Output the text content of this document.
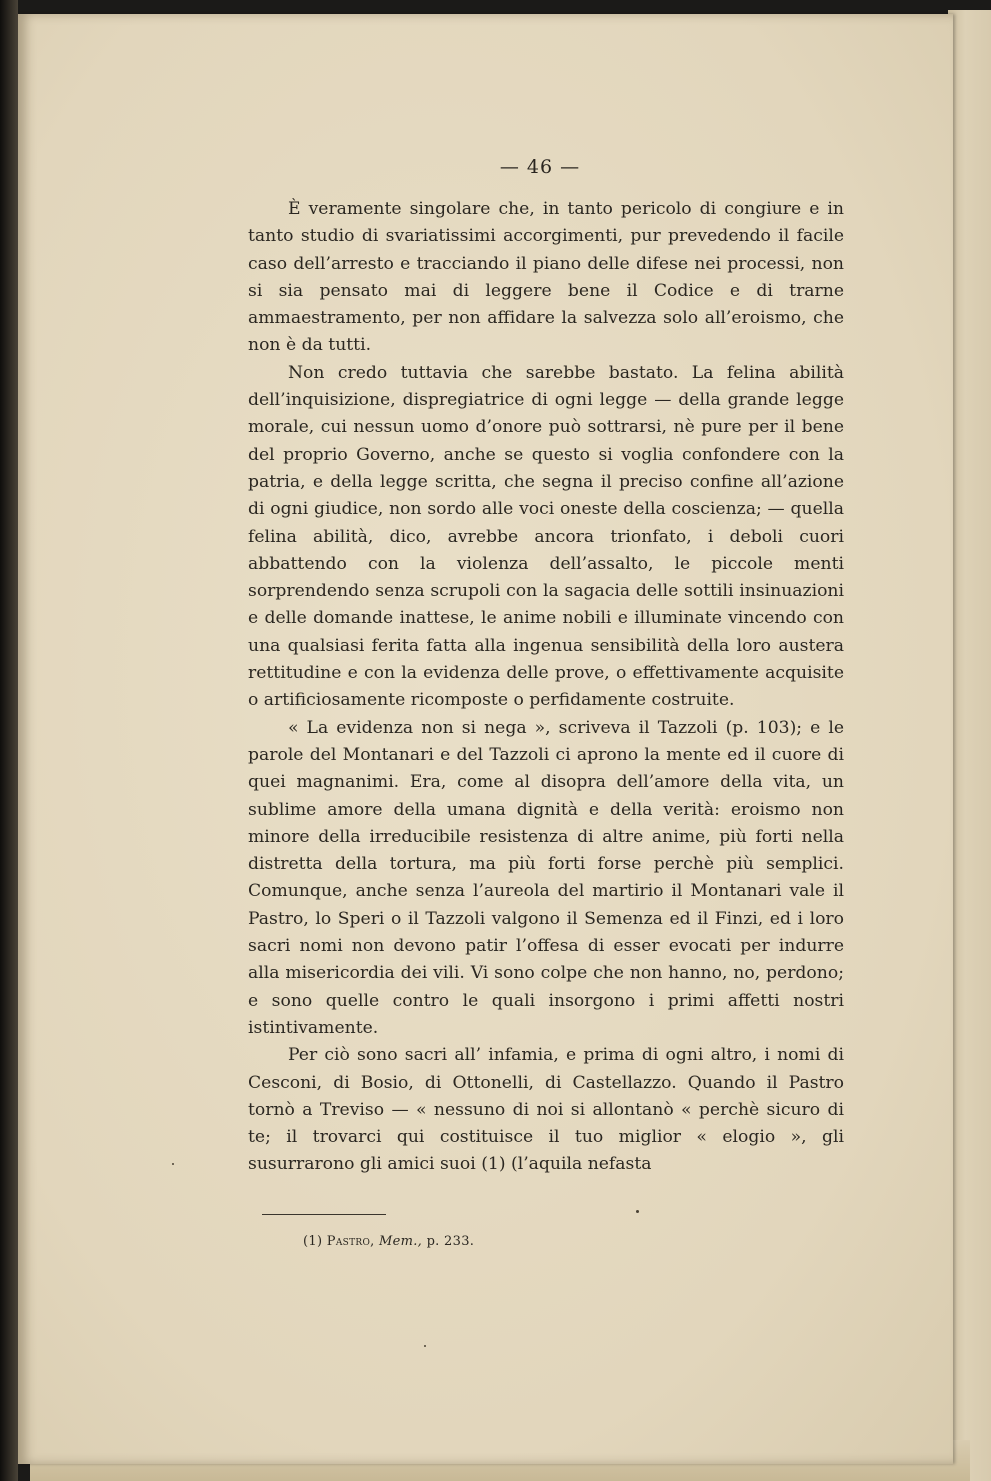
— 46 —

È veramente singolare che, in tanto pericolo di congiure e in tanto studio di svariatissimi accorgimenti, pur prevedendo il facile caso dell’arresto e tracciando il piano delle difese nei processi, non si sia pensato mai di leggere bene il Codice e di trarne ammaestramento, per non affidare la salvezza solo all’eroismo, che non è da tutti.

Non credo tuttavia che sarebbe bastato. La felina abilità dell’inquisizione, dispregiatrice di ogni legge — della grande legge morale, cui nessun uomo d’onore può sottrarsi, nè pure per il bene del proprio Governo, anche se questo si voglia confondere con la patria, e della legge scritta, che segna il preciso confine all’azione di ogni giudice, non sordo alle voci oneste della coscienza; — quella felina abilità, dico, avrebbe ancora trionfato, i deboli cuori abbattendo con la violenza dell’assalto, le piccole menti sorprendendo senza scrupoli con la sagacia delle sottili insinuazioni e delle domande inattese, le anime nobili e illuminate vincendo con una qualsiasi ferita fatta alla ingenua sensibilità della loro austera rettitudine e con la evidenza delle prove, o effettivamente acquisite o artificiosamente ricomposte o perfidamente costruite.

« La evidenza non si nega », scriveva il Tazzoli (p. 103); e le parole del Montanari e del Tazzoli ci aprono la mente ed il cuore di quei magnanimi. Era, come al disopra dell’amore della vita, un sublime amore della umana dignità e della verità: eroismo non minore della irreducibile resistenza di altre anime, più forti nella distretta della tortura, ma più forti forse perchè più semplici. Comunque, anche senza l’aureola del martirio il Montanari vale il Pastro, lo Speri o il Tazzoli valgono il Semenza ed il Finzi, ed i loro sacri nomi non devono patir l’offesa di esser evocati per indurre alla misericordia dei vili. Vi sono colpe che non hanno, no, perdono; e sono quelle contro le quali insorgono i primi affetti nostri istintivamente.

Per ciò sono sacri all’ infamia, e prima di ogni altro, i nomi di Cesconi, di Bosio, di Ottonelli, di Castellazzo. Quando il Pastro tornò a Treviso — « nessuno di noi si allontanò « perchè sicuro di te; il trovarci qui costituisce il tuo miglior « elogio », gli susurrarono gli amici suoi (1) (l’aquila nefasta

(1) Pastro, Mem., p. 233.
